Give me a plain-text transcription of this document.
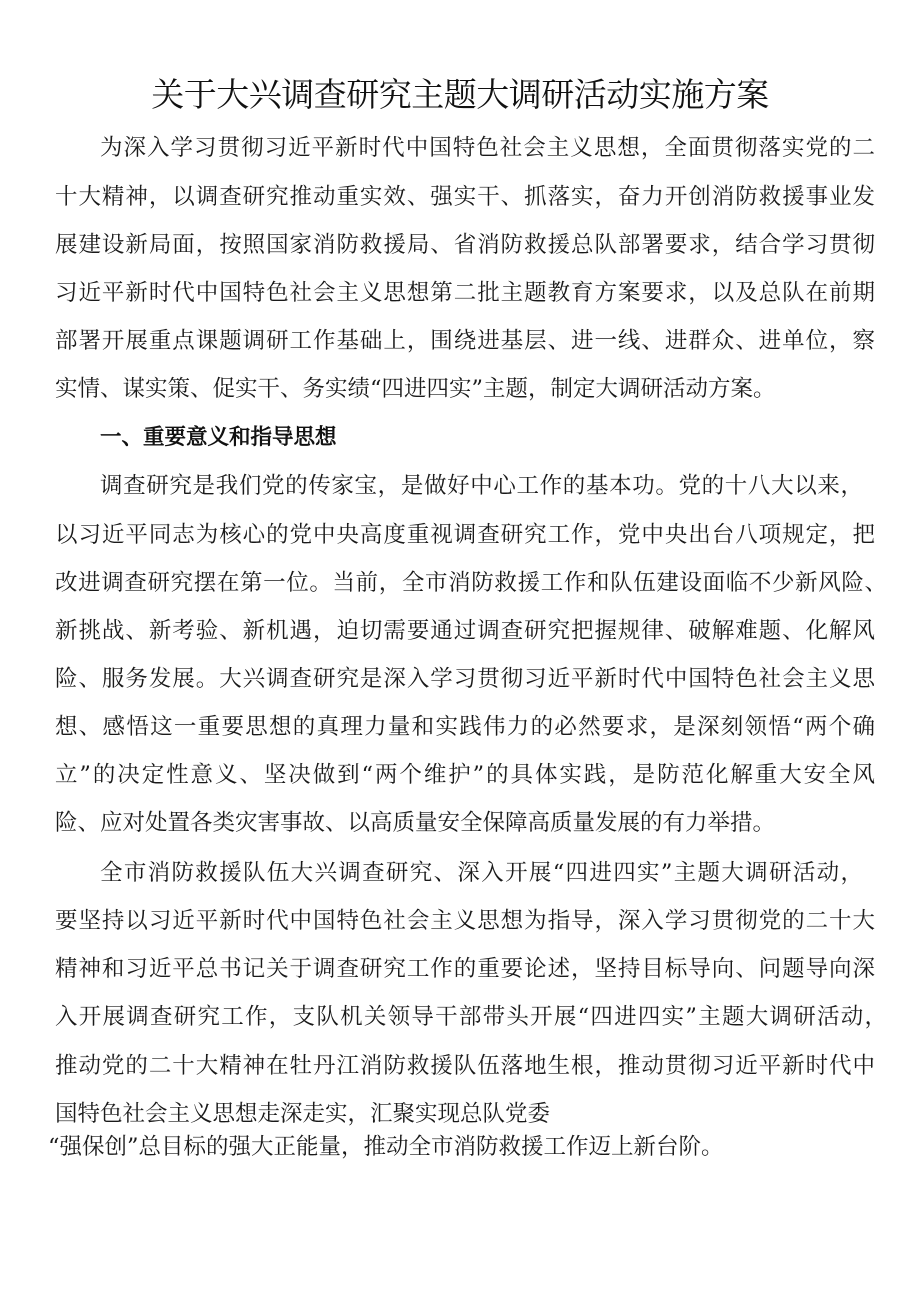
关于大兴调查研究主题大调研活动实施方案

为深入学习贯彻习近平新时代中国特色社会主义思想，全面贯彻落实党的二

十大精神，以调查研究推动重实效、强实干、抓落实，奋力开创消防救援事业发

展建设新局面，按照国家消防救援局、省消防救援总队部署要求，结合学习贯彻

习近平新时代中国特色社会主义思想第二批主题教育方案要求，以及总队在前期

部署开展重点课题调研工作基础上，围绕进基层、进一线、进群众、进单位，察

实情、谋实策、促实干、务实绩“四进四实”主题，制定大调研活动方案。

一、重要意义和指导思想

调查研究是我们党的传家宝，是做好中心工作的基本功。党的十八大以来，

以习近平同志为核心的党中央高度重视调查研究工作，党中央出台八项规定，把

改进调查研究摆在第一位。当前，全市消防救援工作和队伍建设面临不少新风险、

新挑战、新考验、新机遇，迫切需要通过调查研究把握规律、破解难题、化解风

险、服务发展。大兴调查研究是深入学习贯彻习近平新时代中国特色社会主义思

想、感悟这一重要思想的真理力量和实践伟力的必然要求，是深刻领悟“两个确

立”的决定性意义、坚决做到“两个维护”的具体实践，是防范化解重大安全风

险、应对处置各类灾害事故、以高质量安全保障高质量发展的有力举措。

全市消防救援队伍大兴调查研究、深入开展“四进四实”主题大调研活动，

要坚持以习近平新时代中国特色社会主义思想为指导，深入学习贯彻党的二十大

精神和习近平总书记关于调查研究工作的重要论述，坚持目标导向、问题导向深

入开展调查研究工作，支队机关领导干部带头开展“四进四实”主题大调研活动，

推动党的二十大精神在牡丹江消防救援队伍落地生根，推动贯彻习近平新时代中

国特色社会主义思想走深走实，汇聚实现总队党委

“强保创”总目标的强大正能量，推动全市消防救援工作迈上新台阶。
